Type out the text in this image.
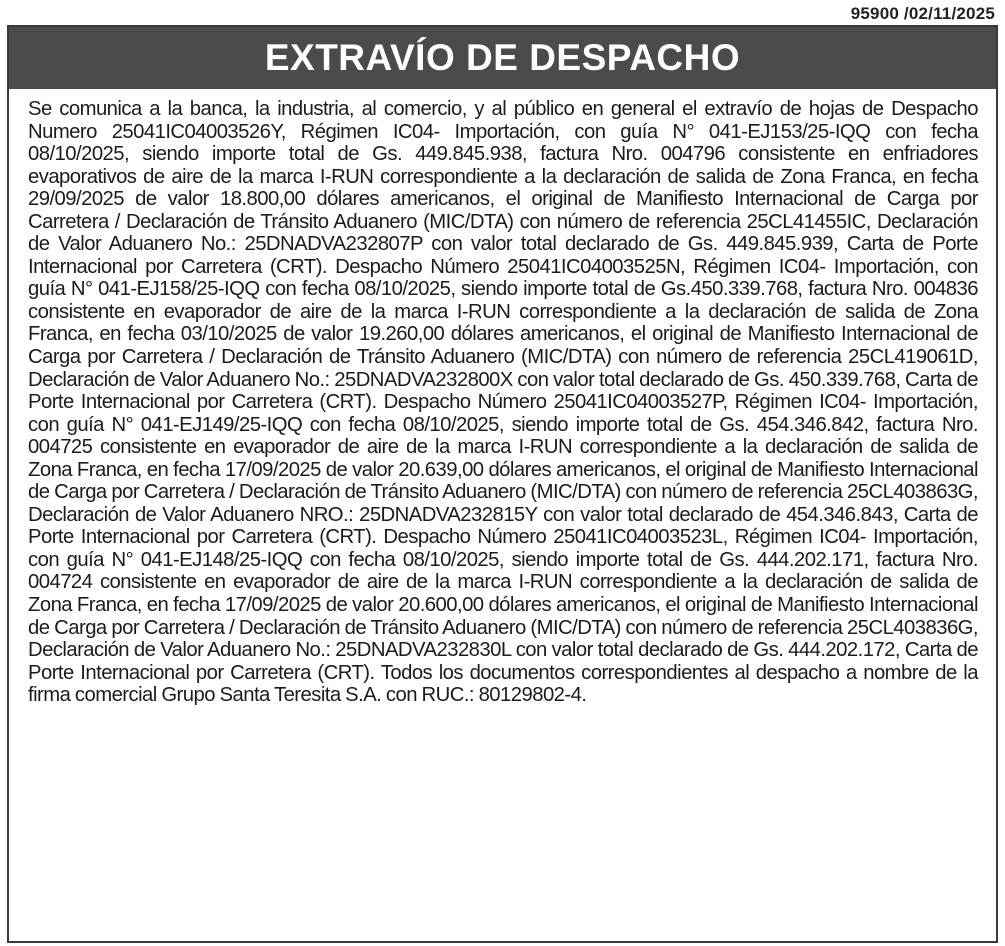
95900 /02/11/2025
EXTRAVÍO DE DESPACHO

Se comunica a la banca, la industria, al comercio, y al público en general el extravío de hojas de Despacho Numero 25041IC04003526Y, Régimen IC04- Importación, con guía N° 041-EJ153/25-IQQ con fecha 08/10/2025, siendo importe total de Gs. 449.845.938, factura Nro. 004796 consistente en enfriadores evaporativos de aire de la marca I-RUN correspondiente a la declaración de salida de Zona Franca, en fecha 29/09/2025 de valor 18.800,00 dólares americanos, el original de Manifiesto Internacional de Carga por Carretera / Declaración de Tránsito Aduanero (MIC/DTA) con número de referencia 25CL41455IC, Declaración de Valor Aduanero No.: 25DNADVA232807P con valor total declarado de Gs. 449.845.939, Carta de Porte Internacional por Carretera (CRT). Despacho Número 25041IC04003525N, Régimen IC04- Importación, con guía N° 041-EJ158/25-IQQ con fecha 08/10/2025, siendo importe total de Gs.450.339.768, factura Nro. 004836 consistente en evaporador de aire de la marca I-RUN correspondiente a la declaración de salida de Zona Franca, en fecha 03/10/2025 de valor 19.260,00 dólares americanos, el original de Manifiesto Internacional de Carga por Carretera / Declaración de Tránsito Aduanero (MIC/DTA) con número de referencia 25CL419061D, Declaración de Valor Aduanero No.: 25DNADVA232800X con valor total declarado de Gs. 450.339.768, Carta de Porte Internacional por Carretera (CRT). Despacho Número 25041IC04003527P, Régimen IC04- Importación, con guía N° 041-EJ149/25-IQQ con fecha 08/10/2025, siendo importe total de Gs. 454.346.842, factura Nro. 004725 consistente en evaporador de aire de la marca I-RUN correspondiente a la declaración de salida de Zona Franca, en fecha 17/09/2025 de valor 20.639,00 dólares americanos, el original de Manifiesto Internacional de Carga por Carretera / Declaración de Tránsito Aduanero (MIC/DTA) con número de referencia 25CL403863G, Declaración de Valor Aduanero NRO.: 25DNADVA232815Y con valor total declarado de 454.346.843, Carta de Porte Internacional por Carretera (CRT). Despacho Número 25041IC04003523L, Régimen IC04- Importación, con guía N° 041-EJ148/25-IQQ con fecha 08/10/2025, siendo importe total de Gs. 444.202.171, factura Nro. 004724 consistente en evaporador de aire de la marca I-RUN correspondiente a la declaración de salida de Zona Franca, en fecha 17/09/2025 de valor 20.600,00 dólares americanos, el original de Manifiesto Internacional de Carga por Carretera / Declaración de Tránsito Aduanero (MIC/DTA) con número de referencia 25CL403836G, Declaración de Valor Aduanero No.: 25DNADVA232830L con valor total declarado de Gs. 444.202.172, Carta de Porte Internacional por Carretera (CRT). Todos los documentos correspondientes al despacho a nombre de la firma comercial Grupo Santa Teresita S.A. con RUC.: 80129802-4.
